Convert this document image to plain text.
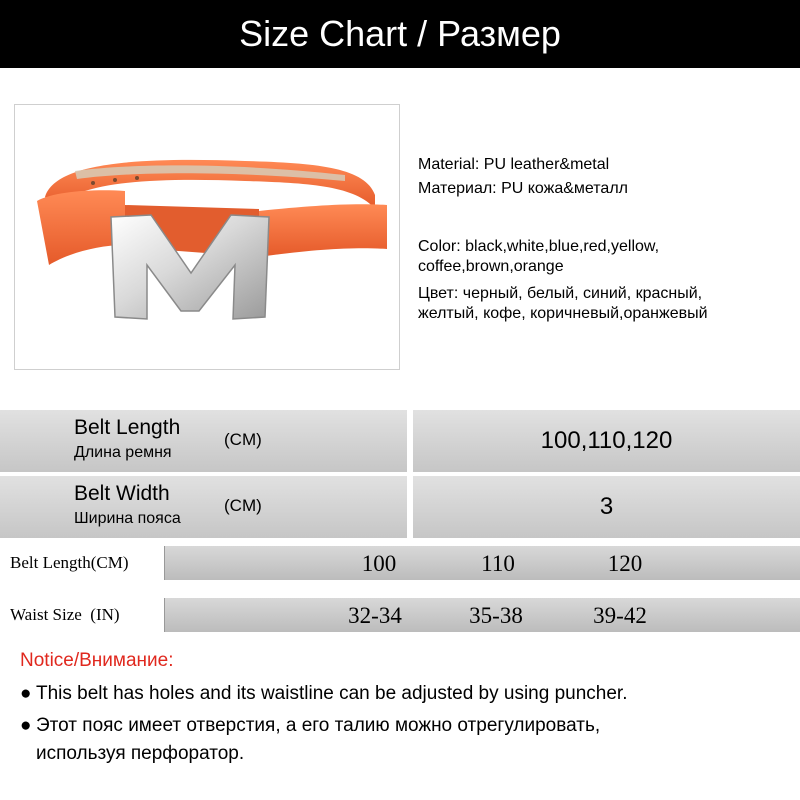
Size Chart / Размер
Material: PU leather&metal
Материал: PU кожа&металл
Color: black,white,blue,red,yellow,
coffee,brown,orange
Цвет: черный, белый, синий, красный,
желтый, кофе, коричневый,оранжевый
Belt Length
Длина ремня
(CM)	100,110,120
Belt Width
Ширина пояса
(CM)	3
Belt Length(CM)	100	110	120
Waist Size  (IN)	32-34	35-38	39-42
Notice/Внимание:
● This belt has holes and its waistline can be adjusted by using puncher.
● Этот пояс имеет отверстия, а его талию можно отрегулировать,
используя перфоратор.
